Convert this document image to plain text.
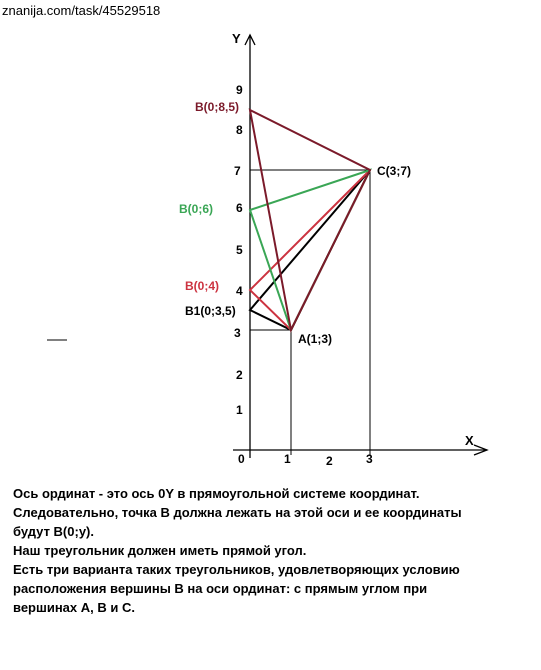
znanija.com/task/45529518
Y
X
0
1
2
3
4
5
6
7
8
9
1	2	3
B(0;8,5)
B(0;6)
B(0;4)
B1(0;3,5)
C(3;7)
A(1;3)
Ось ординат - это ось 0Y в прямоугольной системе координат.
Следовательно, точка В должна лежать на этой оси и ее координаты
будут В(0;у).
Наш треугольник должен иметь прямой угол.
Есть три варианта таких треугольников, удовлетворяющих условию
расположения вершины В на оси ординат: с прямым углом при
вершинах А, В и С.
